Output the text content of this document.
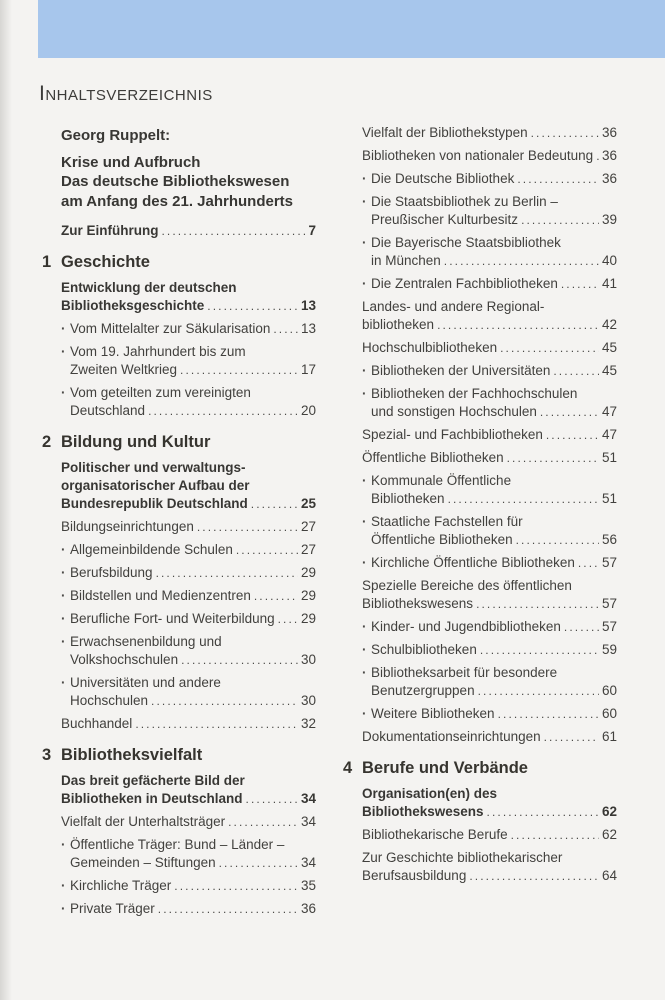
Inhaltsverzeichnis
Georg Ruppelt:
Krise und Aufbruch
Das deutsche Bibliothekswesen
am Anfang des 21. Jahrhunderts
Zur Einführung .....	7
1 Geschichte
Entwicklung der deutschen
Bibliotheksgeschichte .....	13
· Vom Mittelalter zur Säkularisation ..... 13
· Vom 19. Jahrhundert bis zum
Zweiten Weltkrieg .....	17
· Vom geteilten zum vereinigten
Deutschland .....	20
2 Bildung und Kultur
Politischer und verwaltungs-
organisatorischer Aufbau der
Bundesrepublik Deutschland .....	25
Bildungseinrichtungen .....	27
· Allgemeinbildende Schulen .....	27
· Berufsbildung .....	29
· Bildstellen und Medienzentren .....	29
· Berufliche Fort- und Weiterbildung ..... 29
· Erwachsenenbildung und
Volkshochschulen .....	30
· Universitäten und andere
Hochschulen .....	30
Buchhandel .....	32
3 Bibliotheksvielfalt
Das breit gefächerte Bild der
Bibliotheken in Deutschland .....	34
Vielfalt der Unterhaltsträger .....	34
· Öffentliche Träger: Bund – Länder –
Gemeinden – Stiftungen .....	34
· Kirchliche Träger .....	35
· Private Träger .....	36
Vielfalt der Bibliothekstypen .....	36
Bibliotheken von nationaler Bedeutung ..... 36
· Die Deutsche Bibliothek .....	36
· Die Staatsbibliothek zu Berlin –
Preußischer Kulturbesitz .....	39
· Die Bayerische Staatsbibliothek
in München .....	40
· Die Zentralen Fachbibliotheken .....	41
Landes- und andere Regional-
bibliotheken .....	42
Hochschulbibliotheken .....	45
· Bibliotheken der Universitäten .....	45
· Bibliotheken der Fachhochschulen
und sonstigen Hochschulen .....	47
Spezial- und Fachbibliotheken .....	47
Öffentliche Bibliotheken .....	51
· Kommunale Öffentliche
Bibliotheken .....	51
· Staatliche Fachstellen für
Öffentliche Bibliotheken .....	56
· Kirchliche Öffentliche Bibliotheken ..... 57
Spezielle Bereiche des öffentlichen
Bibliothekswesens .....	57
· Kinder- und Jugendbibliotheken .....	57
· Schulbibliotheken .....	59
· Bibliotheksarbeit für besondere
Benutzergruppen .....	60
· Weitere Bibliotheken .....	60
Dokumentationseinrichtungen .....	61
4 Berufe und Verbände
Organisation(en) des
Bibliothekswesens .....	62
Bibliothekarische Berufe .....	62
Zur Geschichte bibliothekarischer
Berufsausbildung .....	64
